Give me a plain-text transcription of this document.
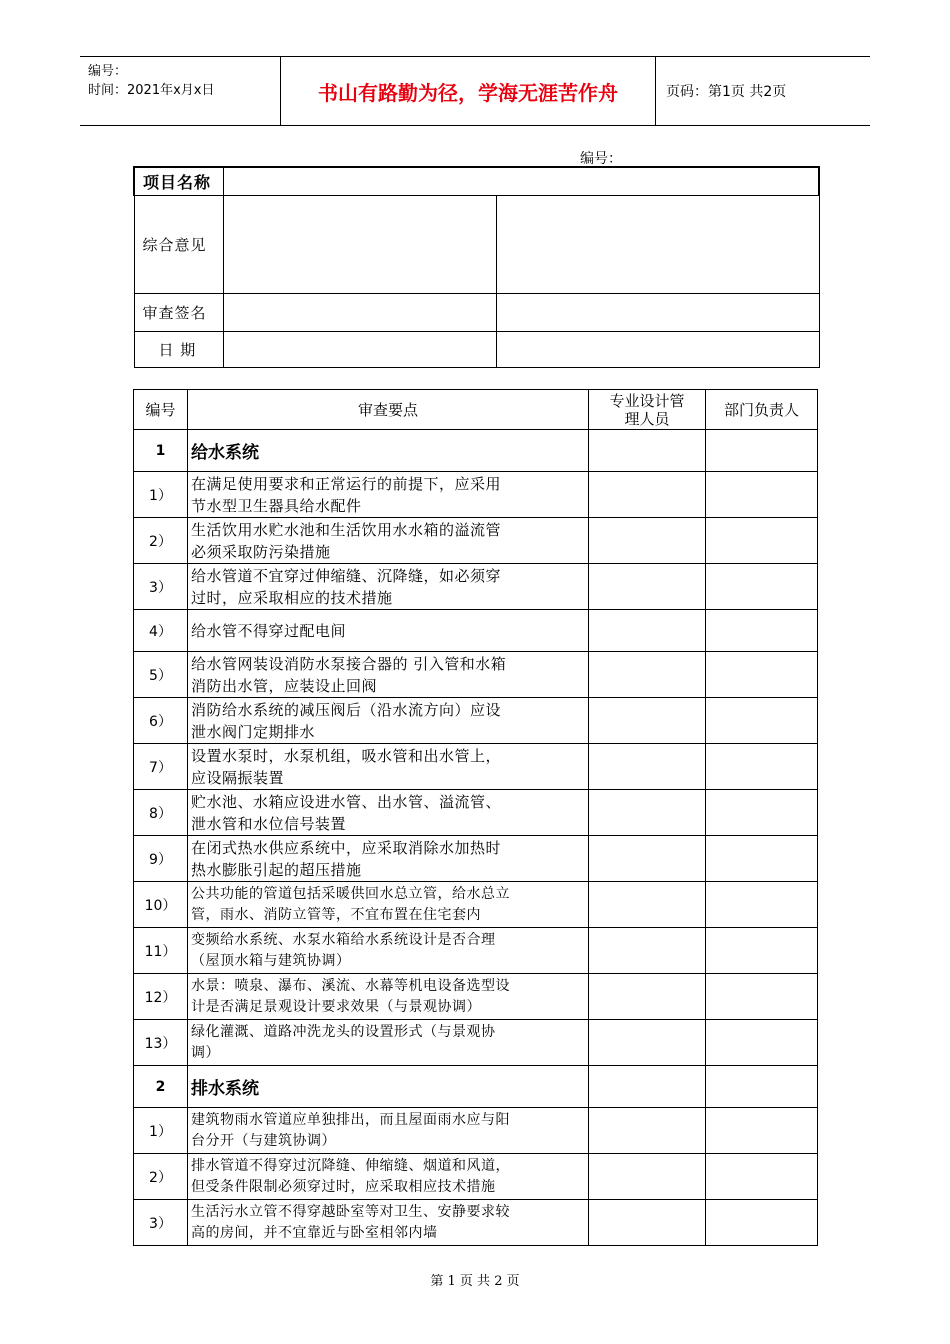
编号：
时间：2021年x月x日	书山有路勤为径，学海无涯苦作舟	页码：第1页 共2页
编号：
项目名称		
综合意见		
审查签名		
日 期		
编号	审查要点	专业设计管
理人员	部门负责人
1	给水系统		
1）	在满足使用要求和正常运行的前提下，应采用
节水型卫生器具给水配件		

2）	生活饮用水贮水池和生活饮用水水箱的溢流管
必须采取防污染措施		

3）	给水管道不宜穿过伸缩缝、沉降缝，如必须穿
过时，应采取相应的技术措施		

4）	给水管不得穿过配电间		

5）	给水管网装设消防水泵接合器的 引入管和水箱
消防出水管，应装设止回阀		

6）	消防给水系统的减压阀后（沿水流方向）应设
泄水阀门定期排水		

7）	设置水泵时，水泵机组，吸水管和出水管上，
应设隔振装置		

8）	贮水池、水箱应设进水管、出水管、溢流管、
泄水管和水位信号装置		

9）	在闭式热水供应系统中，应采取消除水加热时
热水膨胀引起的超压措施		

10）	公共功能的管道包括采暖供回水总立管，给水总立
管，雨水、消防立管等，不宜布置在住宅套内		

11）	变频给水系统、水泵水箱给水系统设计是否合理
（屋顶水箱与建筑协调）		

12）	水景：喷泉、瀑布、溪流、水幕等机电设备选型设
计是否满足景观设计要求效果（与景观协调）		

13）	绿化灌溉、道路冲洗龙头的设置形式（与景观协
调）		

2	排水系统		
1）	建筑物雨水管道应单独排出，而且屋面雨水应与阳
台分开（与建筑协调）		

2）	排水管道不得穿过沉降缝、伸缩缝、烟道和风道，
但受条件限制必须穿过时，应采取相应技术措施		

3）	生活污水立管不得穿越卧室等对卫生、安静要求较
高的房间，并不宜靠近与卧室相邻内墙		

第 1 页 共 2 页
